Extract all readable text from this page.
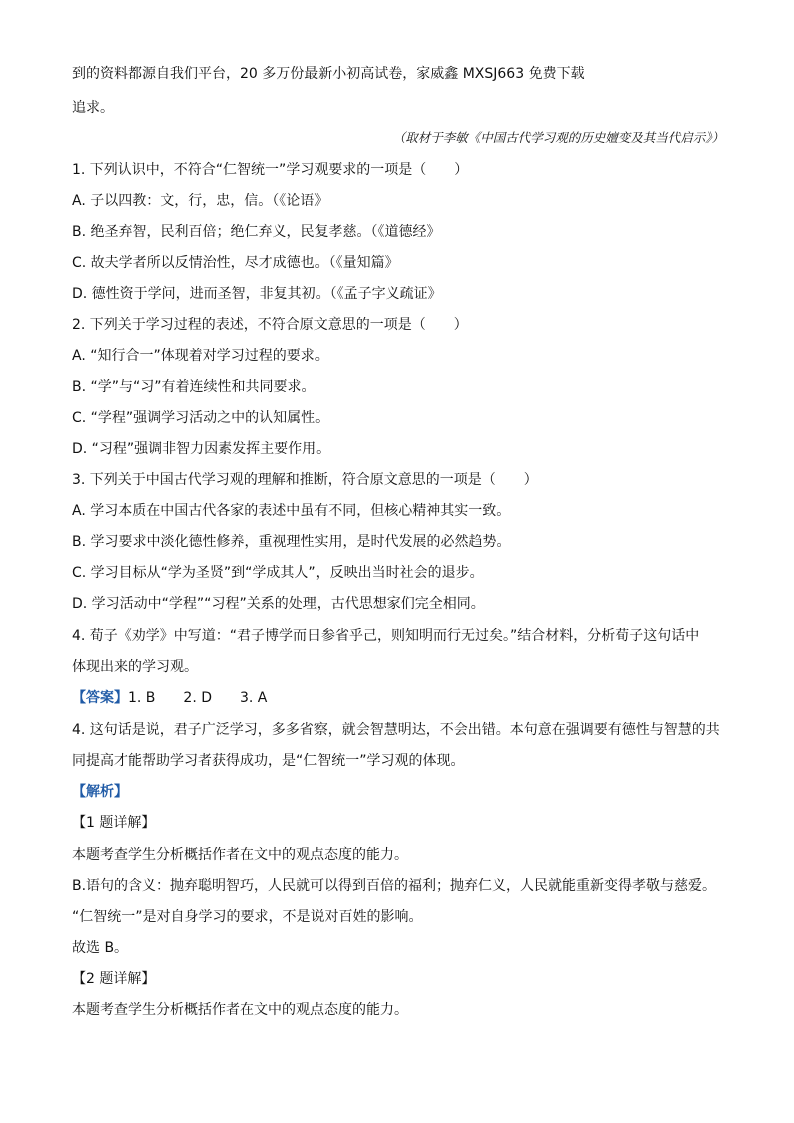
到的资料都源自我们平台，20 多万份最新小初高试卷，家威鑫 MXSJ663 免费下载
追求。
（取材于李敏《中国古代学习观的历史嬗变及其当代启示》）
1. 下列认识中，不符合“仁智统一”学习观要求的一项是（　　）
A. 子以四教：文，行，忠，信。（《论语》
B. 绝圣弃智，民利百倍；绝仁弃义，民复孝慈。（《道德经》
C. 故夫学者所以反情治性，尽才成德也。（《量知篇》
D. 德性资于学问，进而圣智，非复其初。（《孟子字义疏证》
2. 下列关于学习过程的表述，不符合原文意思的一项是（　　）
A. “知行合一”体现着对学习过程的要求。
B. “学”与“习”有着连续性和共同要求。
C. “学程”强调学习活动之中的认知属性。
D. “习程”强调非智力因素发挥主要作用。
3. 下列关于中国古代学习观的理解和推断，符合原文意思的一项是（　　）
A. 学习本质在中国古代各家的表述中虽有不同，但核心精神其实一致。
B. 学习要求中淡化德性修养，重视理性实用，是时代发展的必然趋势。
C. 学习目标从“学为圣贤”到“学成其人”，反映出当时社会的退步。
D. 学习活动中“学程”“习程”关系的处理，古代思想家们完全相同。
4. 荀子《劝学》中写道：“君子博学而日参省乎己，则知明而行无过矣。”结合材料，分析荀子这句话中
体现出来的学习观。
【答案】1. B　　2. D　　3. A
4. 这句话是说，君子广泛学习，多多省察，就会智慧明达，不会出错。本句意在强调要有德性与智慧的共
同提高才能帮助学习者获得成功，是“仁智统一”学习观的体现。
【解析】
【1 题详解】
本题考查学生分析概括作者在文中的观点态度的能力。
B.语句的含义：抛弃聪明智巧，人民就可以得到百倍的福利；抛弃仁义，人民就能重新变得孝敬与慈爱。
“仁智统一”是对自身学习的要求，不是说对百姓的影响。
故选 B。
【2 题详解】
本题考查学生分析概括作者在文中的观点态度的能力。
